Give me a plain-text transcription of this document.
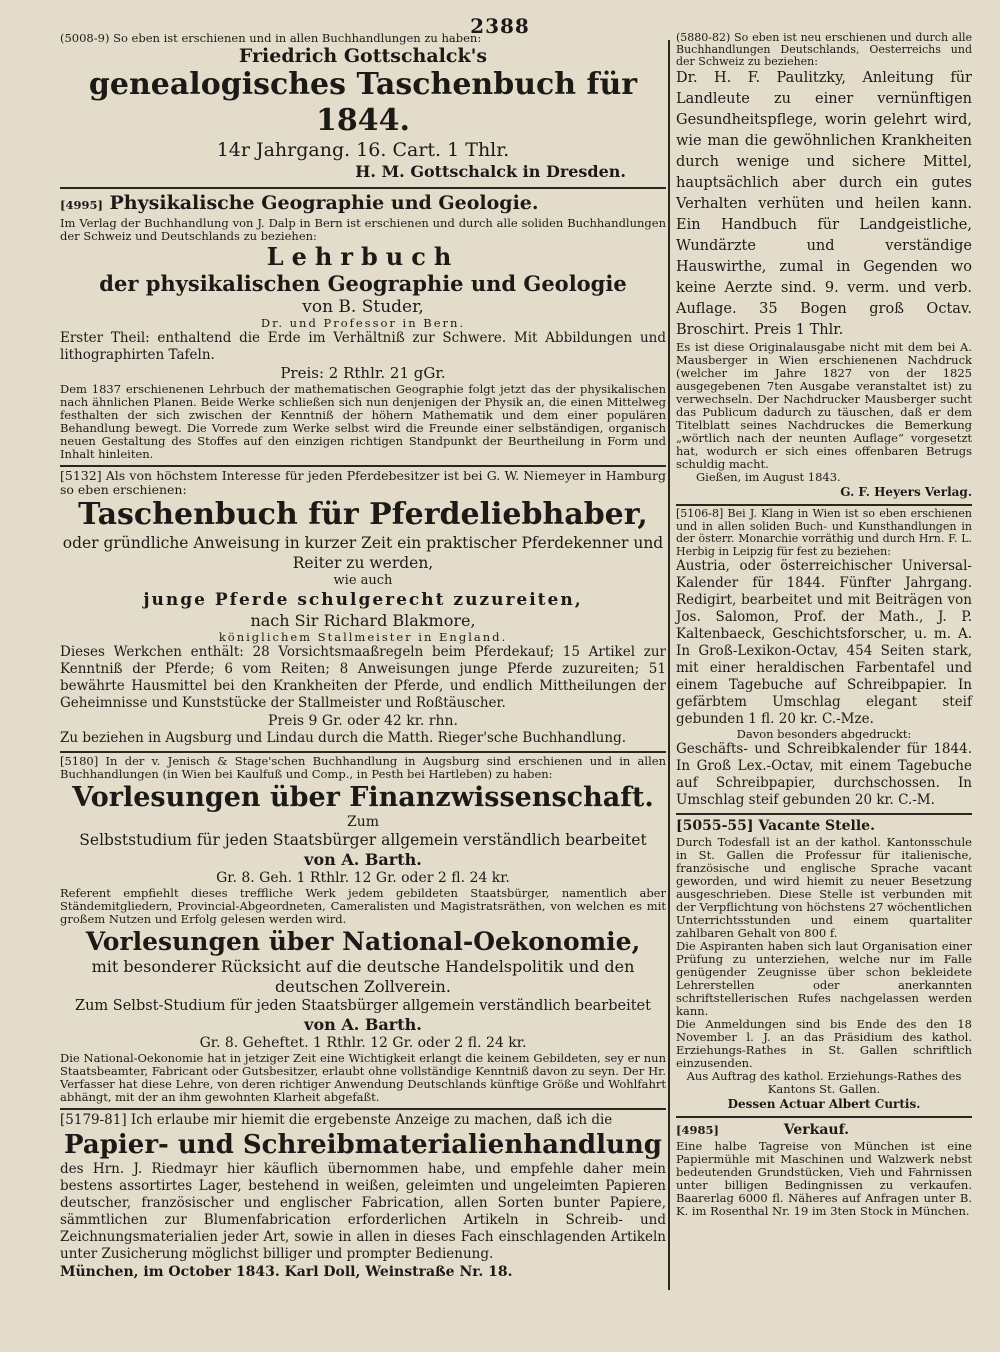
2388

(5008-9) So eben ist erschienen und in allen Buchhandlungen zu haben:

Friedrich Gottschalck's

genealogisches Taschenbuch für 1844.

14r Jahrgang. 16. Cart. 1 Thlr.

H. M. Gottschalck in Dresden.

[4995] Physikalische Geographie und Geologie.

Im Verlag der Buchhandlung von J. Dalp in Bern ist erschienen und durch alle soliden Buchhandlungen der Schweiz und Deutschlands zu beziehen:

Lehrbuch

der physikalischen Geographie und Geologie

von B. Studer,

Dr. und Professor in Bern.

Erster Theil: enthaltend die Erde im Verhältniß zur Schwere. Mit Abbildungen und lithographirten Tafeln.

Preis: 2 Rthlr. 21 gGr.

Dem 1837 erschienenen Lehrbuch der mathematischen Geographie folgt jetzt das der physikalischen nach ähnlichen Planen. Beide Werke schließen sich nun denjenigen der Physik an, die einen Mittelweg festhalten der sich zwischen der Kenntniß der höhern Mathematik und dem einer populären Behandlung bewegt. Die Vorrede zum Werke selbst wird die Freunde einer selbständigen, organisch neuen Gestaltung des Stoffes auf den einzigen richtigen Standpunkt der Beurtheilung in Form und Inhalt hinleiten.

[5132] Als von höchstem Interesse für jeden Pferdebesitzer ist bei G. W. Niemeyer in Hamburg so eben erschienen:

Taschenbuch für Pferdeliebhaber,

oder gründliche Anweisung in kurzer Zeit ein praktischer Pferdekenner und Reiter zu werden,

wie auch

junge Pferde schulgerecht zuzureiten,

nach Sir Richard Blakmore,

königlichem Stallmeister in England.

Dieses Werkchen enthält: 28 Vorsichtsmaaßregeln beim Pferdekauf; 15 Artikel zur Kenntniß der Pferde; 6 vom Reiten; 8 Anweisungen junge Pferde zuzureiten; 51 bewährte Hausmittel bei den Krankheiten der Pferde, und endlich Mittheilungen der Geheimnisse und Kunststücke der Stallmeister und Roßtäuscher.

Preis 9 Gr. oder 42 kr. rhn.

Zu beziehen in Augsburg und Lindau durch die Matth. Rieger'sche Buchhandlung.

[5180] In der v. Jenisch & Stage'schen Buchhandlung in Augsburg sind erschienen und in allen Buchhandlungen (in Wien bei Kaulfuß und Comp., in Pesth bei Hartleben) zu haben:

Vorlesungen über Finanzwissenschaft.

Zum

Selbststudium für jeden Staatsbürger allgemein verständlich bearbeitet

von A. Barth.

Gr. 8. Geh. 1 Rthlr. 12 Gr. oder 2 fl. 24 kr.

Referent empfiehlt dieses treffliche Werk jedem gebildeten Staatsbürger, namentlich aber Ständemitgliedern, Provincial-Abgeordneten, Cameralisten und Magistratsräthen, von welchen es mit großem Nutzen und Erfolg gelesen werden wird.

Vorlesungen über National-Oekonomie,

mit besonderer Rücksicht auf die deutsche Handelspolitik und den deutschen Zollverein.

Zum Selbst-Studium für jeden Staatsbürger allgemein verständlich bearbeitet

von A. Barth.

Gr. 8. Geheftet. 1 Rthlr. 12 Gr. oder 2 fl. 24 kr.

Die National-Oekonomie hat in jetziger Zeit eine Wichtigkeit erlangt die keinem Gebildeten, sey er nun Staatsbeamter, Fabricant oder Gutsbesitzer, erlaubt ohne vollständige Kenntniß davon zu seyn. Der Hr. Verfasser hat diese Lehre, von deren richtiger Anwendung Deutschlands künftige Größe und Wohlfahrt abhängt, mit der an ihm gewohnten Klarheit abgefaßt.

[5179-81] Ich erlaube mir hiemit die ergebenste Anzeige zu machen, daß ich die

Papier- und Schreibmaterialienhandlung

des Hrn. J. Riedmayr hier käuflich übernommen habe, und empfehle daher mein bestens assortirtes Lager, bestehend in weißen, geleimten und ungeleimten Papieren deutscher, französischer und englischer Fabrication, allen Sorten bunter Papiere, sämmtlichen zur Blumenfabrication erforderlichen Artikeln in Schreib- und Zeichnungsmaterialien jeder Art, sowie in allen in dieses Fach einschlagenden Artikeln unter Zusicherung möglichst billiger und prompter Bedienung.

München, im October 1843. Karl Doll, Weinstraße Nr. 18.

(5880-82) So eben ist neu erschienen und durch alle Buchhandlungen Deutschlands, Oesterreichs und der Schweiz zu beziehen:

Dr. H. F. Paulitzky, Anleitung für Landleute zu einer vernünftigen Gesundheitspflege, worin gelehrt wird, wie man die gewöhnlichen Krankheiten durch wenige und sichere Mittel, hauptsächlich aber durch ein gutes Verhalten verhüten und heilen kann. Ein Handbuch für Landgeistliche, Wundärzte und verständige Hauswirthe, zumal in Gegenden wo keine Aerzte sind. 9. verm. und verb. Auflage. 35 Bogen groß Octav. Broschirt. Preis 1 Thlr.

Es ist diese Originalausgabe nicht mit dem bei A. Mausberger in Wien erschienenen Nachdruck (welcher im Jahre 1827 von der 1825 ausgegebenen 7ten Ausgabe veranstaltet ist) zu verwechseln. Der Nachdrucker Mausberger sucht das Publicum dadurch zu täuschen, daß er dem Titelblatt seines Nachdruckes die Bemerkung „wörtlich nach der neunten Auflage“ vorgesetzt hat, wodurch er sich eines offenbaren Betrugs schuldig macht.

Gießen, im August 1843.

G. F. Heyers Verlag.

[5106-8] Bei J. Klang in Wien ist so eben erschienen und in allen soliden Buch- und Kunsthandlungen in der österr. Monarchie vorräthig und durch Hrn. F. L. Herbig in Leipzig für fest zu beziehen:

Austria, oder österreichischer Universal-Kalender für 1844. Fünfter Jahrgang. Redigirt, bearbeitet und mit Beiträgen von Jos. Salomon, Prof. der Math., J. P. Kaltenbaeck, Geschichtsforscher, u. m. A. In Groß-Lexikon-Octav, 454 Seiten stark, mit einer heraldischen Farbentafel und einem Tagebuche auf Schreibpapier. In gefärbtem Umschlag elegant steif gebunden 1 fl. 20 kr. C.-Mze.

Davon besonders abgedruckt:

Geschäfts- und Schreibkalender für 1844. In Groß Lex.-Octav, mit einem Tagebuche auf Schreibpapier, durchschossen. In Umschlag steif gebunden 20 kr. C.-M.

[5055-55] Vacante Stelle.

Durch Todesfall ist an der kathol. Kantonsschule in St. Gallen die Professur für italienische, französische und englische Sprache vacant geworden, und wird hiemit zu neuer Besetzung ausgeschrieben. Diese Stelle ist verbunden mit der Verpflichtung von höchstens 27 wöchentlichen Unterrichtsstunden und einem quartaliter zahlbaren Gehalt von 800 f.

Die Aspiranten haben sich laut Organisation einer Prüfung zu unterziehen, welche nur im Falle genügender Zeugnisse über schon bekleidete Lehrerstellen oder anerkannten schriftstellerischen Rufes nachgelassen werden kann.

Die Anmeldungen sind bis Ende des den 18 November l. J. an das Präsidium des kathol. Erziehungs-Rathes in St. Gallen schriftlich einzusenden.

Aus Auftrag des kathol. Erziehungs-Rathes des Kantons St. Gallen.

Dessen Actuar Albert Curtis.

[4985]	Verkauf.

Eine halbe Tagreise von München ist eine Papiermühle mit Maschinen und Walzwerk nebst bedeutenden Grundstücken, Vieh und Fahrnissen unter billigen Bedingnissen zu verkaufen. Baarerlag 6000 fl. Näheres auf Anfragen unter B. K. im Rosenthal Nr. 19 im 3ten Stock in München.
